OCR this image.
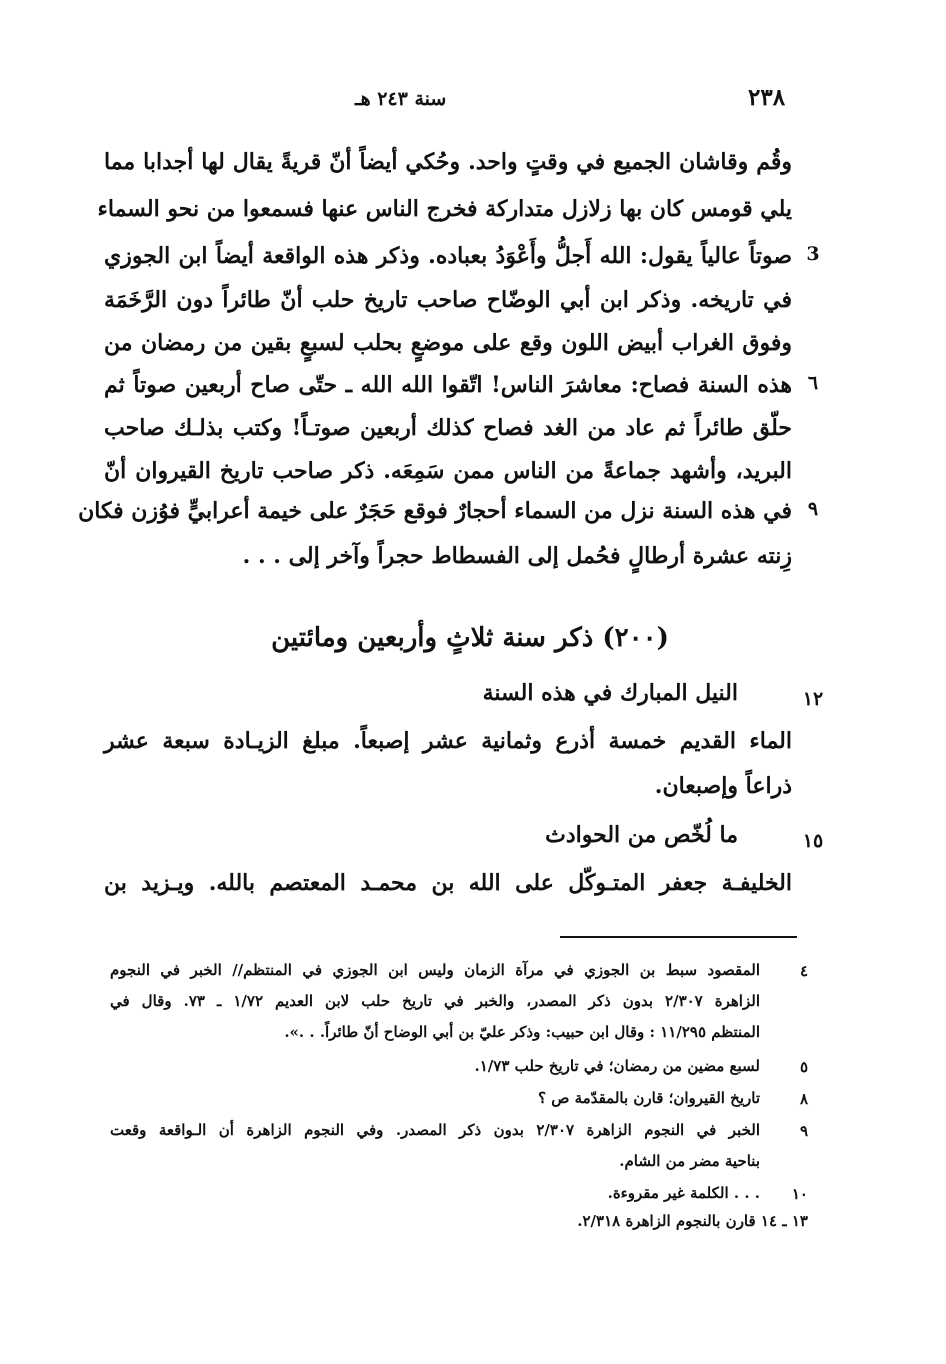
٢٣٨
سنة ٢٤٣ هـ
وقُم وقاشان الجميع في وقتٍ واحد. وحُكي أيضاً أنّ قريةً يقال لها أجدابا مما
يلي قومس كان بها زلازل متداركة فخرج الناس عنها فسمعوا من نحو السماء
صوتاً عالياً يقول: الله أَجلُّ وأَعْوَدُ بعباده. وذكر هذه الواقعة أيضاً ابن الجوزي 3
في تاريخه. وذكر ابن أبي الوضّاح صاحب تاريخ حلب أنّ طائراً دون الرَّخَمَة
وفوق الغراب أبيض اللون وقع على موضعٍ بحلب لسبعٍ بقين من رمضان من
هذه السنة فصاح: معاشرَ الناس! اتّقوا الله الله ـ حتّى صاح أربعين صوتاً ثم ٦
حلّق طائراً ثم عاد من الغد فصاح كذلك أربعين صوتـاً! وكتب بذلـك صاحب
البريد، وأشهد جماعةً من الناس ممن سَمِعَه. ذكر صاحب تاريخ القيروان أنّ
في هذه السنة نزل من السماء أحجارٌ فوقع حَجَرٌ على خيمة أعرابيٍّ فوُزن فكان ٩
زِنته عشرة أرطالٍ فحُمل إلى الفسطاط حجراً وآخر إلى . . .
(٢٠٠) ذكر سنة ثلاثٍ وأربعين ومائتين
١٢
النيل المبارك في هذه السنة
الماء القديم خمسة أذرع وثمانية عشر إصبعاً. مبلغ الزيـادة سبعة عشر
ذراعاً وإصبعان.
١٥
ما لُخّص من الحوادث
الخليفـة جعفر المتـوكّل على الله بن محمـد المعتصم بالله. ويـزيد بن
٤
المقصود سبط بن الجوزي في مرآة الزمان وليس ابن الجوزي في المنتظم// الخبر في النجوم
الزاهرة ٢/٣٠٧ بدون ذكر المصدر، والخبر في تاريخ حلب لابن العديم ١/٧٢ ـ ٧٣. وقال في
المنتظم ١١/٢٩٥ : وقال ابن حبيب: وذكر عليّ بن أبي الوضاح أنّ طائراً. . .».
٥
لسبع مضين من رمضان؛ في تاريخ حلب ١/٧٣.
٨
تاريخ القيروان؛ قارن بالمقدّمة ص ؟
٩
الخبر في النجوم الزاهرة ٢/٣٠٧ بدون ذكر المصدر. وفي النجوم الزاهرة أن الـواقعة وقعت
بناحية مضر من الشام.
١٠
. . . الكلمة غير مقروءة.
١٣ ـ ١٤ قارن بالنجوم الزاهرة ٢/٣١٨.
